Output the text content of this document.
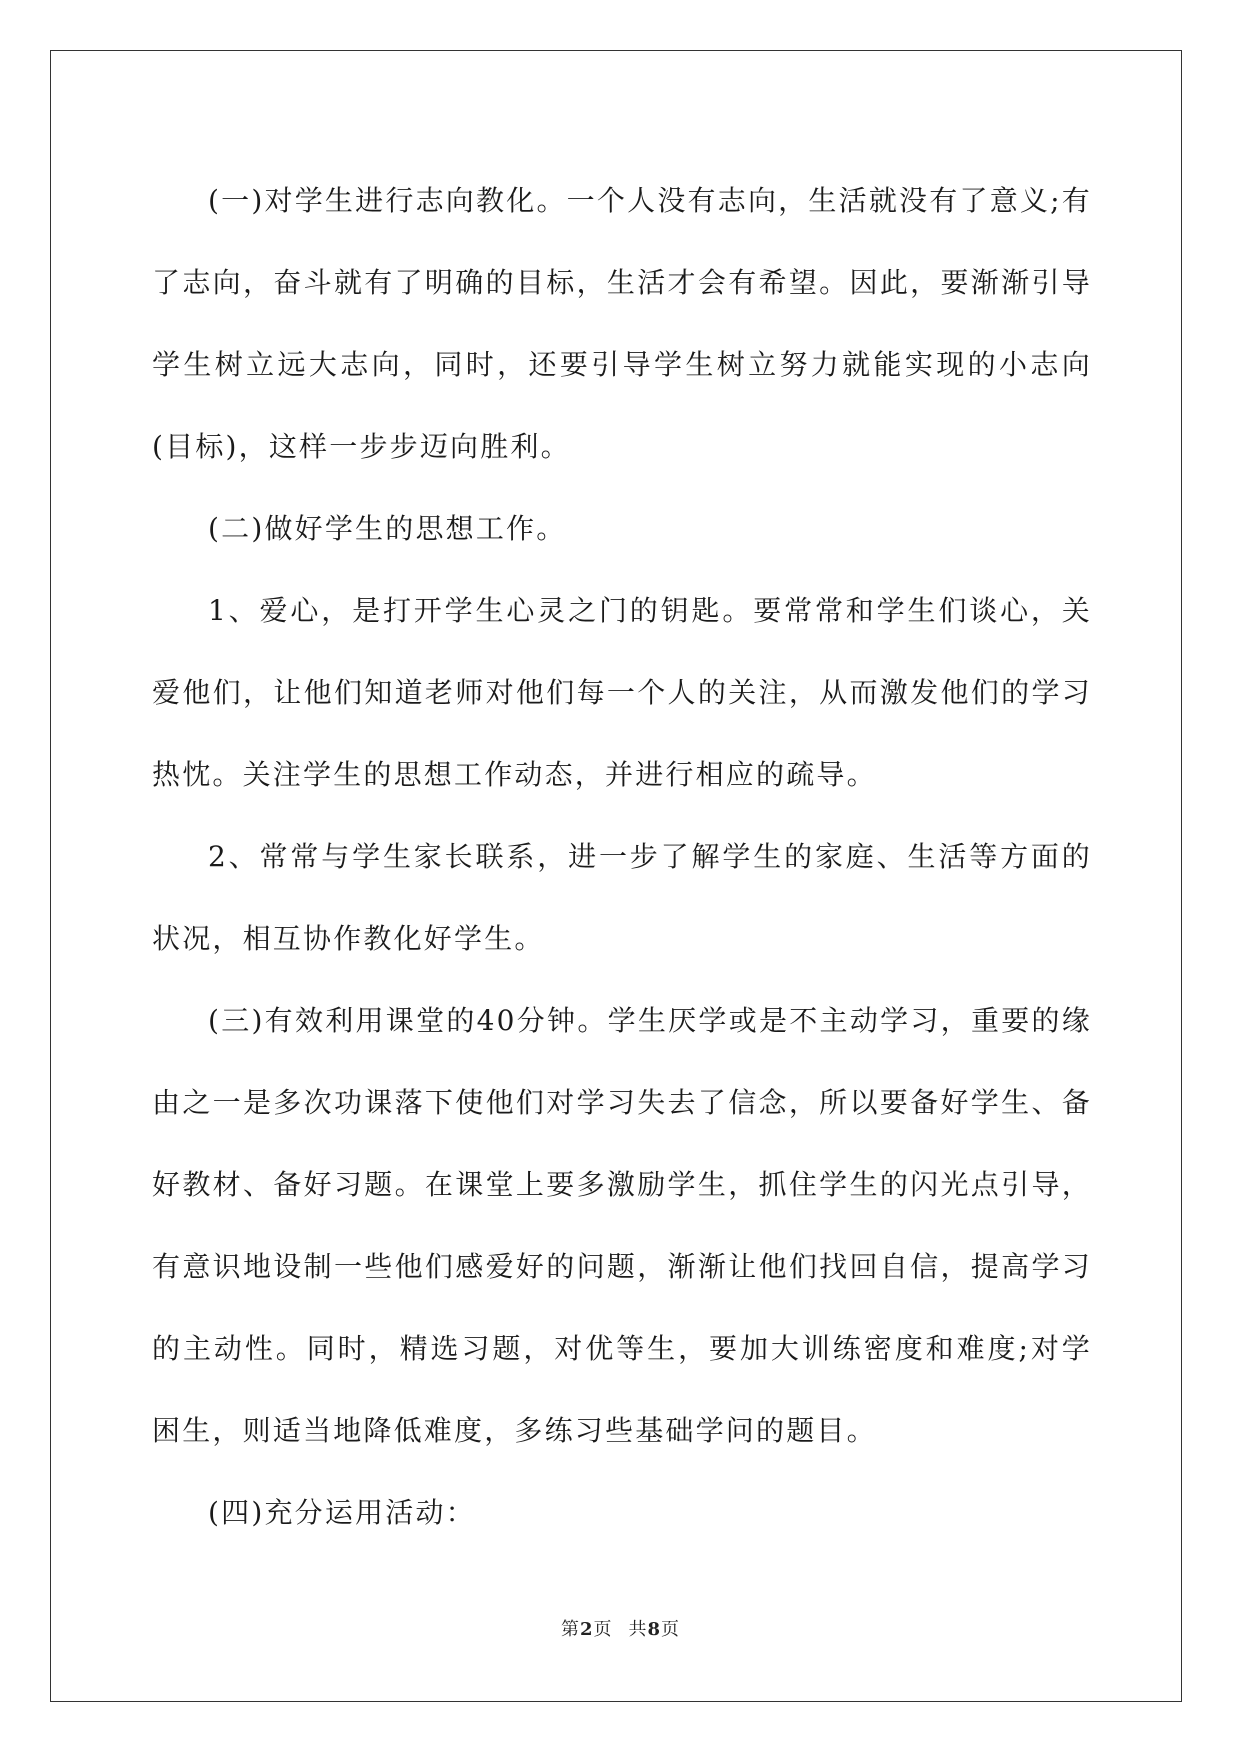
(一)对学生进行志向教化。一个人没有志向，生活就没有了意义;有了志向，奋斗就有了明确的目标，生活才会有希望。因此，要渐渐引导学生树立远大志向，同时，还要引导学生树立努力就能实现的小志向(目标)，这样一步步迈向胜利。

(二)做好学生的思想工作。

1、爱心，是打开学生心灵之门的钥匙。要常常和学生们谈心，关爱他们，让他们知道老师对他们每一个人的关注，从而激发他们的学习热忱。关注学生的思想工作动态，并进行相应的疏导。

2、常常与学生家长联系，进一步了解学生的家庭、生活等方面的状况，相互协作教化好学生。

(三)有效利用课堂的40分钟。学生厌学或是不主动学习，重要的缘由之一是多次功课落下使他们对学习失去了信念，所以要备好学生、备好教材、备好习题。在课堂上要多激励学生，抓住学生的闪光点引导，有意识地设制一些他们感爱好的问题，渐渐让他们找回自信，提高学习的主动性。同时，精选习题，对优等生，要加大训练密度和难度;对学困生，则适当地降低难度，多练习些基础学问的题目。

(四)充分运用活动：

第2页 共8页
